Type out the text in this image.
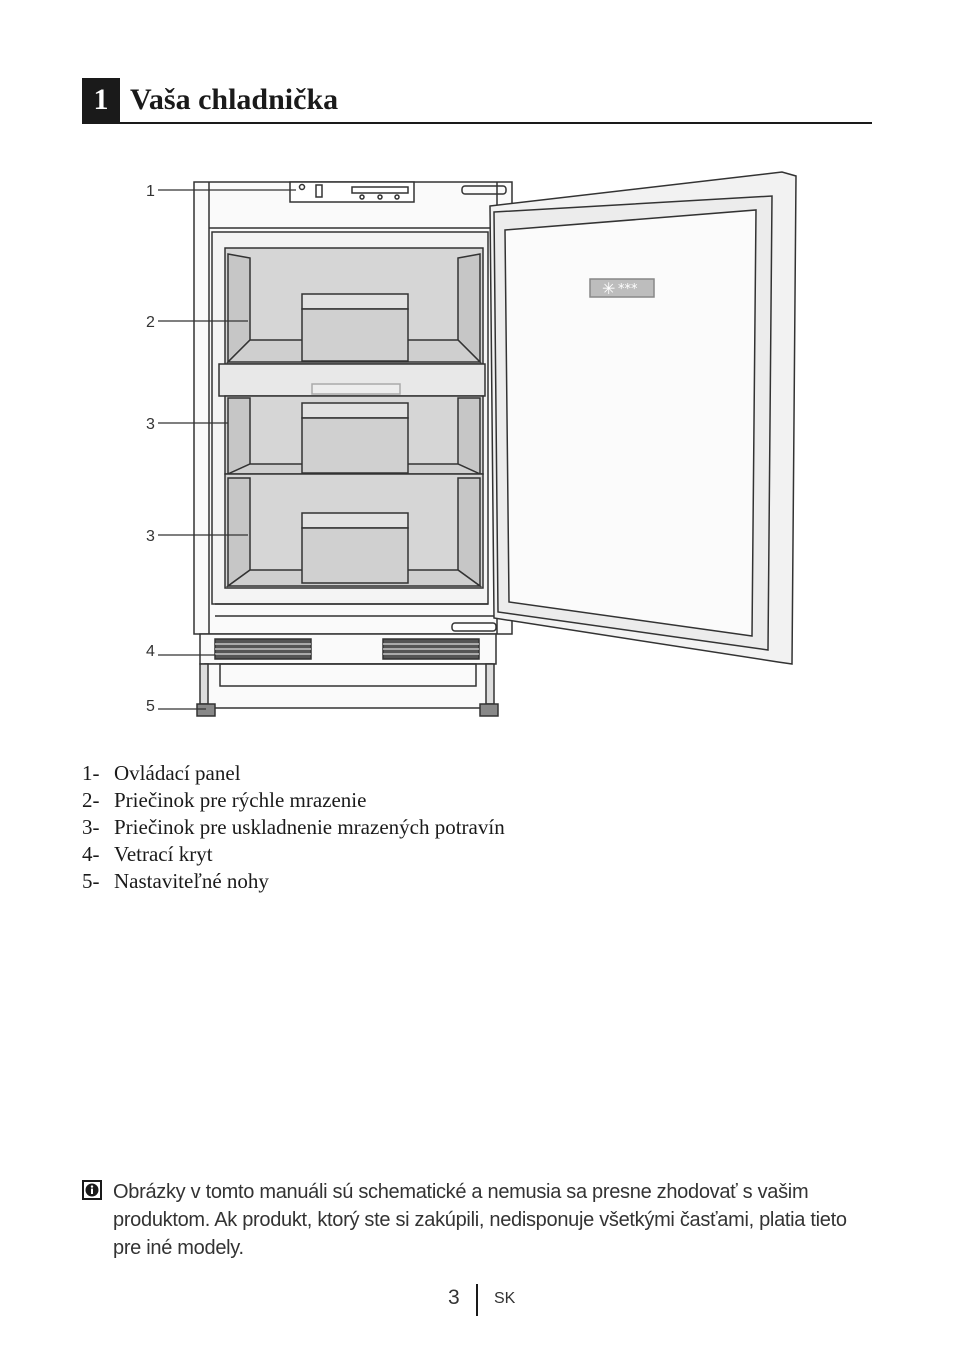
1 Vaša chladnička
✳ ***
1
2
3
3
4
5
1- Ovládací panel
2- Priečinok pre rýchle mrazenie
3- Priečinok pre uskladnenie mrazených potravín
4- Vetrací kryt
5- Nastaviteľné nohy
Obrázky v tomto manuáli sú schematické a nemusia sa presne zhodovať s vašim produktom. Ak produkt, ktorý ste si zakúpili, nedisponuje všetkými časťami, platia tieto pre iné modely.
3 SK
